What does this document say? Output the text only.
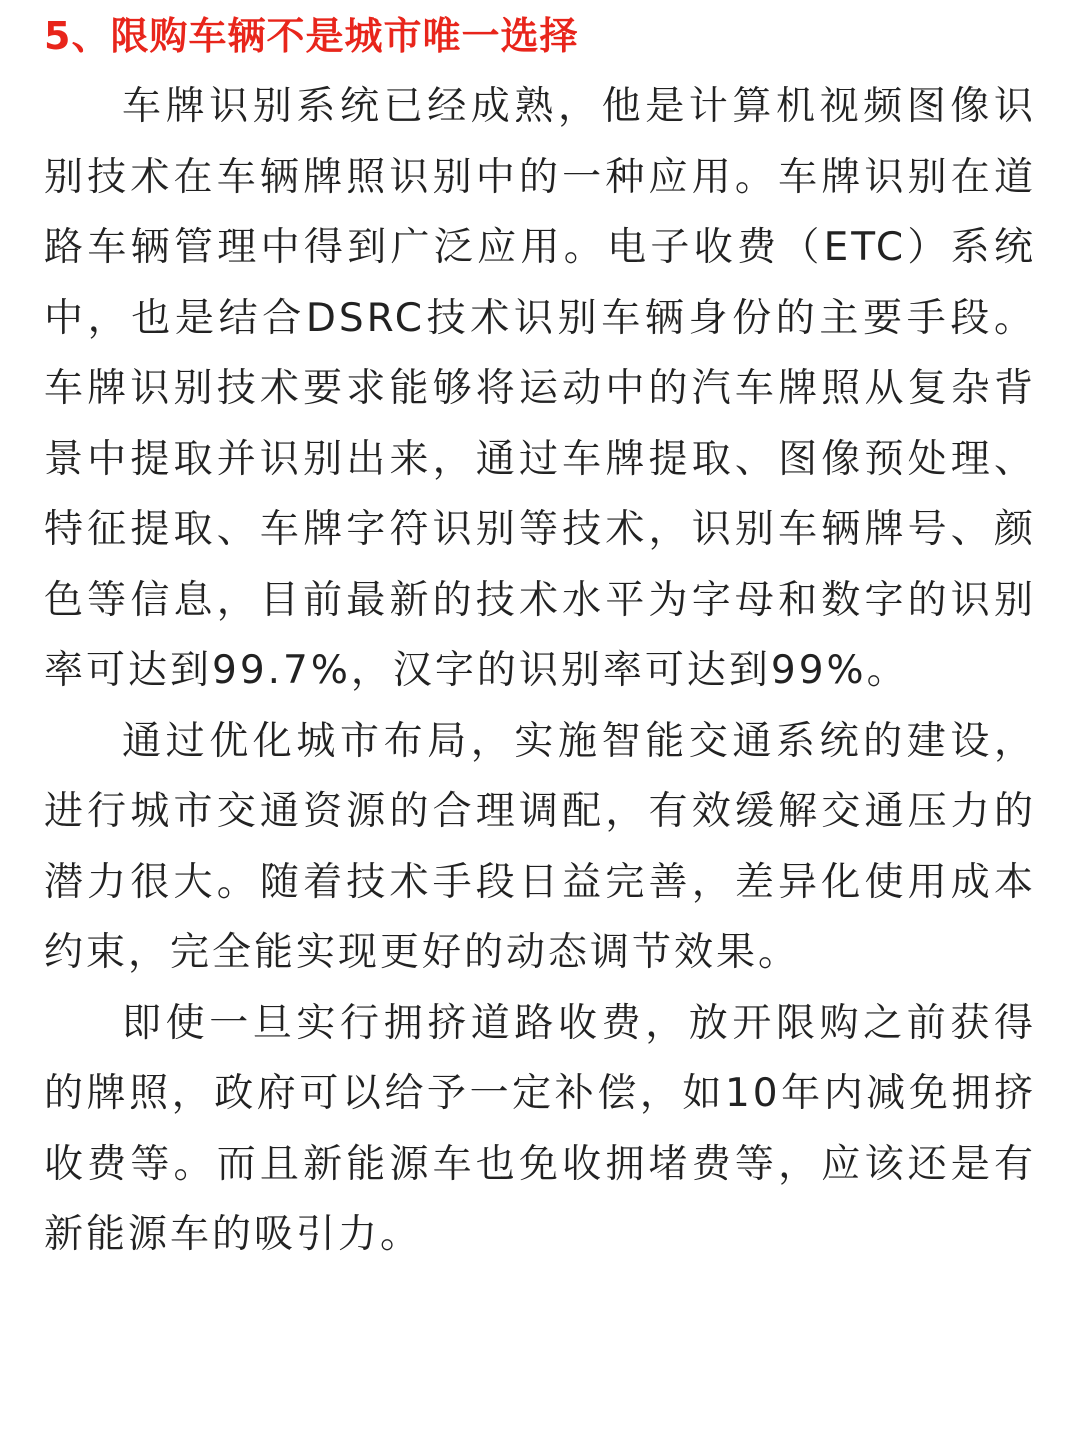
5、限购车辆不是城市唯一选择

车牌识别系统已经成熟，他是计算机视频图像识别技术在车辆牌照识别中的一种应用。车牌识别在道路车辆管理中得到广泛应用。电子收费（ETC）系统中，也是结合DSRC技术识别车辆身份的主要手段。车牌识别技术要求能够将运动中的汽车牌照从复杂背景中提取并识别出来，通过车牌提取、图像预处理、特征提取、车牌字符识别等技术，识别车辆牌号、颜色等信息，目前最新的技术水平为字母和数字的识别率可达到99.7%，汉字的识别率可达到99%。

通过优化城市布局，实施智能交通系统的建设，进行城市交通资源的合理调配，有效缓解交通压力的潜力很大。随着技术手段日益完善，差异化使用成本约束，完全能实现更好的动态调节效果。

即使一旦实行拥挤道路收费，放开限购之前获得的牌照，政府可以给予一定补偿，如10年内减免拥挤收费等。而且新能源车也免收拥堵费等，应该还是有新能源车的吸引力。
